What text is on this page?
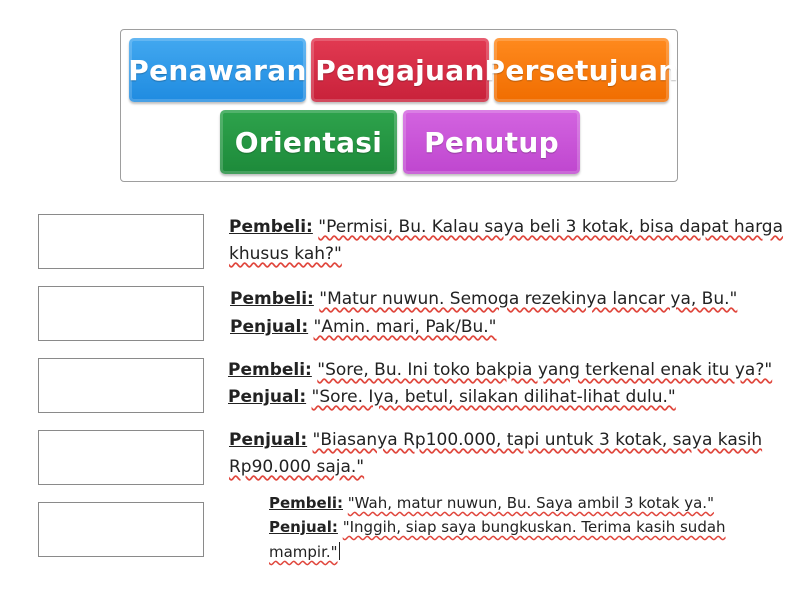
Penawaran Pengajuan Persetujuan
Orientasi Penutup
Pembeli: "Permisi, Bu. Kalau saya beli 3 kotak, bisa dapat harga
khusus kah?"
Pembeli: "Matur nuwun. Semoga rezekinya lancar ya, Bu."
Penjual: "Amin. mari, Pak/Bu."
Pembeli: "Sore, Bu. Ini toko bakpia yang terkenal enak itu ya?"
Penjual: "Sore. Iya, betul, silakan dilihat-lihat dulu."
Penjual: "Biasanya Rp100.000, tapi untuk 3 kotak, saya kasih
Rp90.000 saja."
Pembeli: "Wah, matur nuwun, Bu. Saya ambil 3 kotak ya."
Penjual: "Inggih, siap saya bungkuskan. Terima kasih sudah
mampir."
